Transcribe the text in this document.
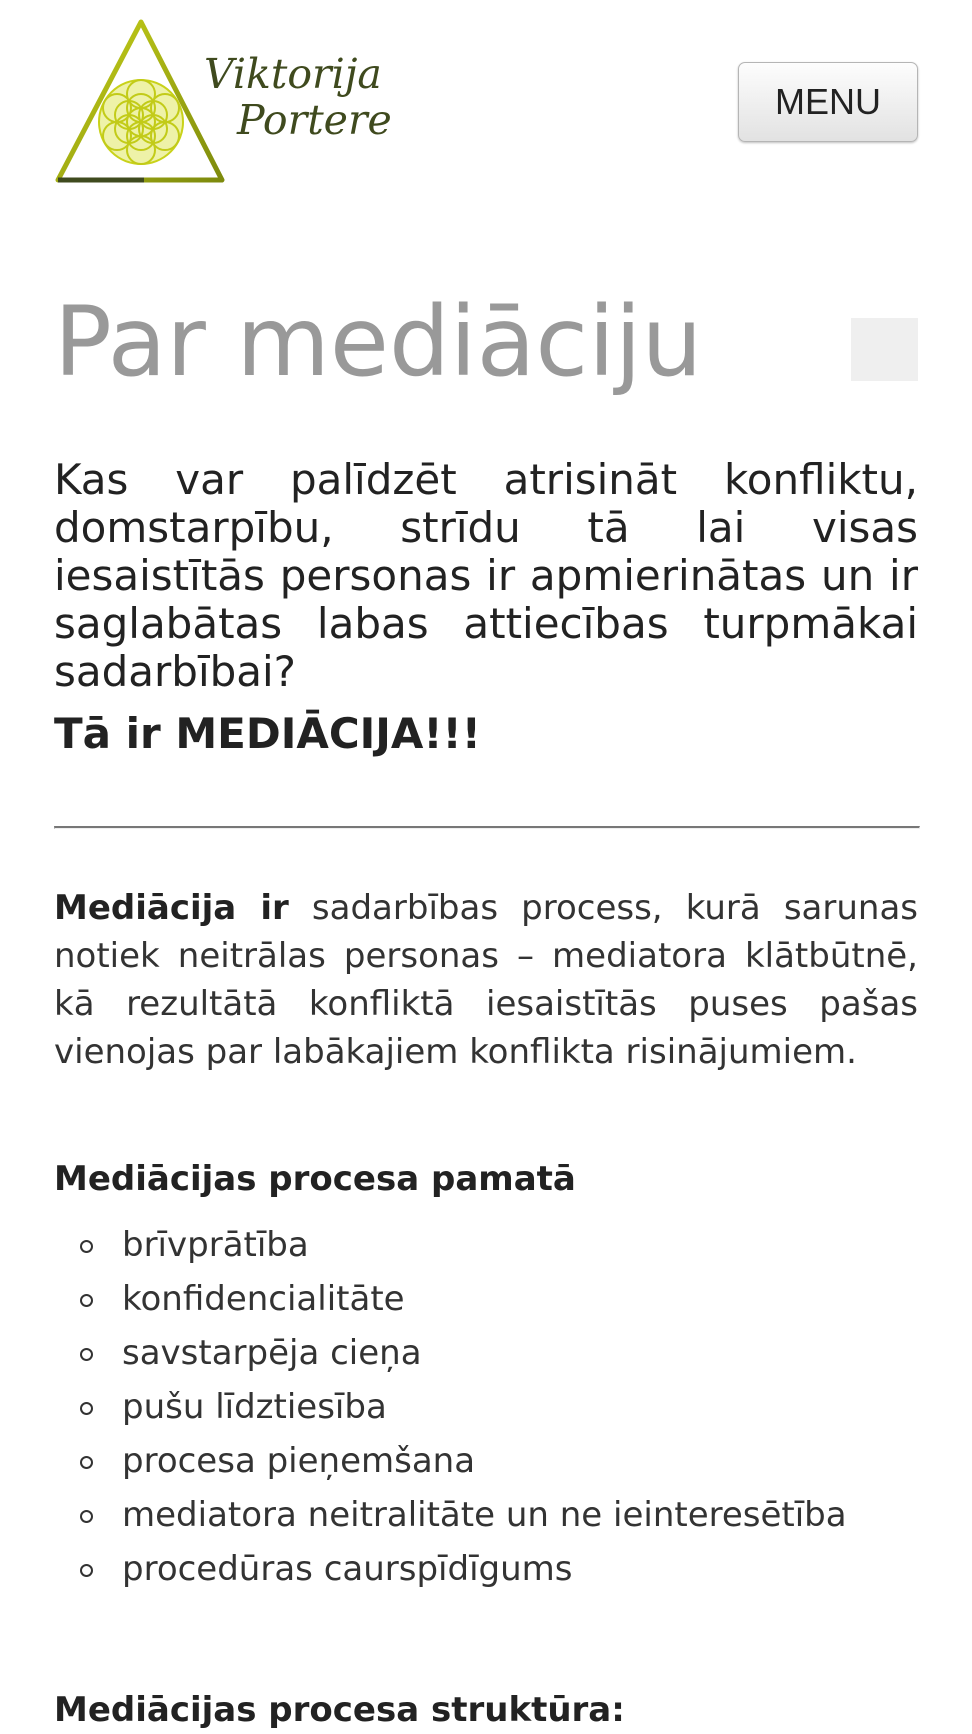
Viktorija
Portere	MENU
Par mediāciju

Kas var palīdzēt atrisināt konfliktu, domstarpību, strīdu tā lai visas iesaistītās personas ir apmierinātas un ir saglabātas labas attiecības turpmākai sadarbībai?

Tā ir MEDIĀCIJA!!!

Mediācija ir sadarbības process, kurā sarunas notiek neitrālas personas – mediatora klātbūtnē, kā rezultātā konfliktā iesaistītās puses pašas vienojas par labākajiem konflikta risinājumiem.

Mediācijas procesa pamatā
brīvprātība
konfidencialitāte
savstarpēja cieņa
pušu līdztiesība
procesa pieņemšana
mediatora neitralitāte un ne ieinteresētība
procedūras caurspīdīgums
Mediācijas procesa struktūra:
